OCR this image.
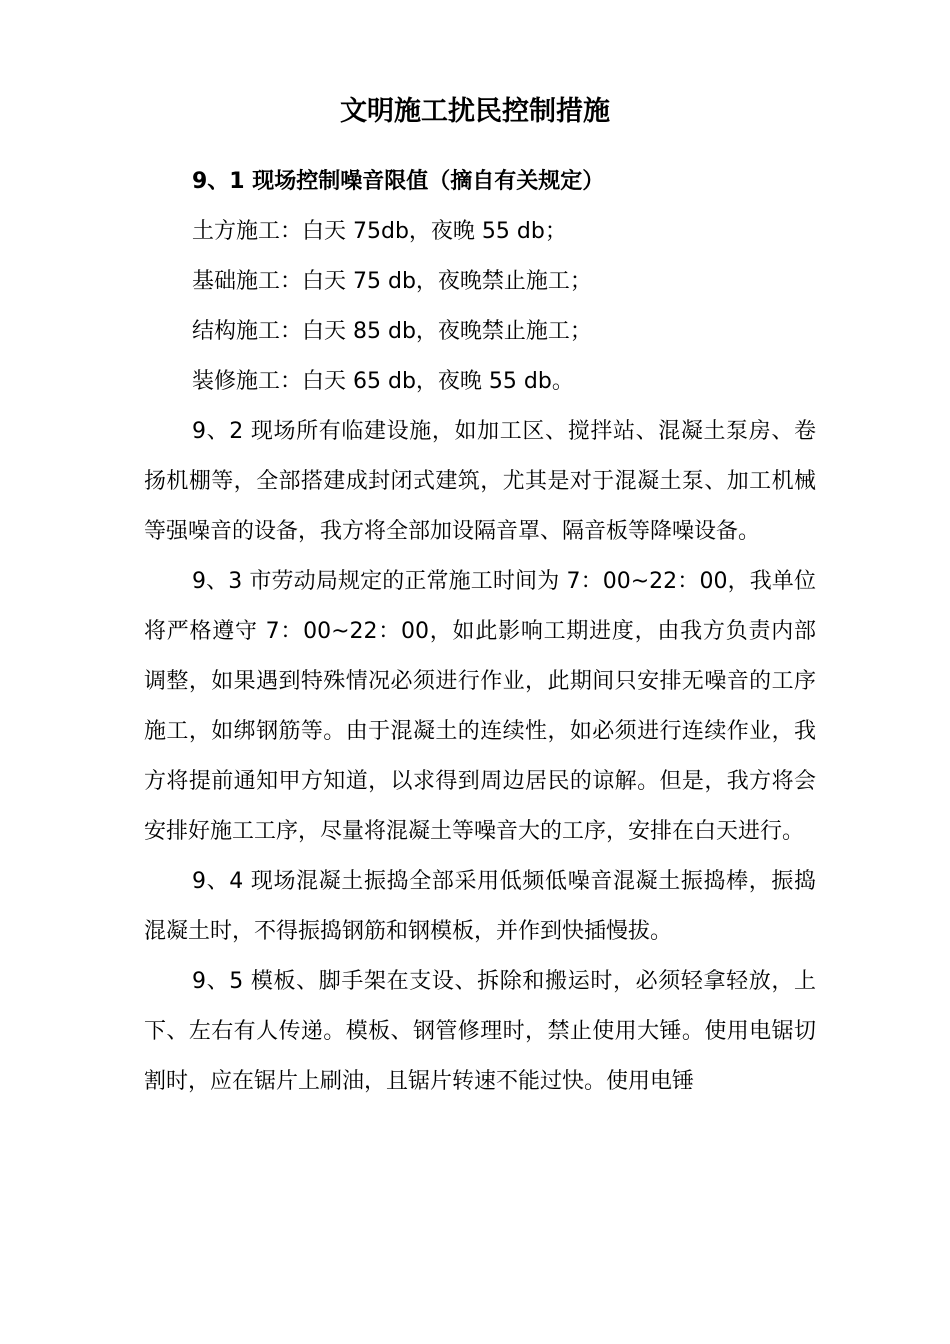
文明施工扰民控制措施

9、1 现场控制噪音限值（摘自有关规定）

土方施工：白天 75db，夜晚 55 db；

基础施工：白天 75 db，夜晚禁止施工；

结构施工：白天 85 db，夜晚禁止施工；

装修施工：白天 65 db，夜晚 55 db。

9、2 现场所有临建设施，如加工区、搅拌站、混凝土泵房、卷扬机棚等，全部搭建成封闭式建筑，尤其是对于混凝土泵、加工机械等强噪音的设备，我方将全部加设隔音罩、隔音板等降噪设备。

9、3 市劳动局规定的正常施工时间为 7：00~22：00，我单位将严格遵守 7：00~22：00，如此影响工期进度，由我方负责内部调整，如果遇到特殊情况必须进行作业，此期间只安排无噪音的工序施工，如绑钢筋等。由于混凝土的连续性，如必须进行连续作业，我方将提前通知甲方知道，以求得到周边居民的谅解。但是，我方将会安排好施工工序，尽量将混凝土等噪音大的工序，安排在白天进行。

9、4 现场混凝土振捣全部采用低频低噪音混凝土振捣棒，振捣混凝土时，不得振捣钢筋和钢模板，并作到快插慢拔。

9、5 模板、脚手架在支设、拆除和搬运时，必须轻拿轻放，上下、左右有人传递。模板、钢管修理时，禁止使用大锤。使用电锯切割时，应在锯片上刷油，且锯片转速不能过快。使用电锤
